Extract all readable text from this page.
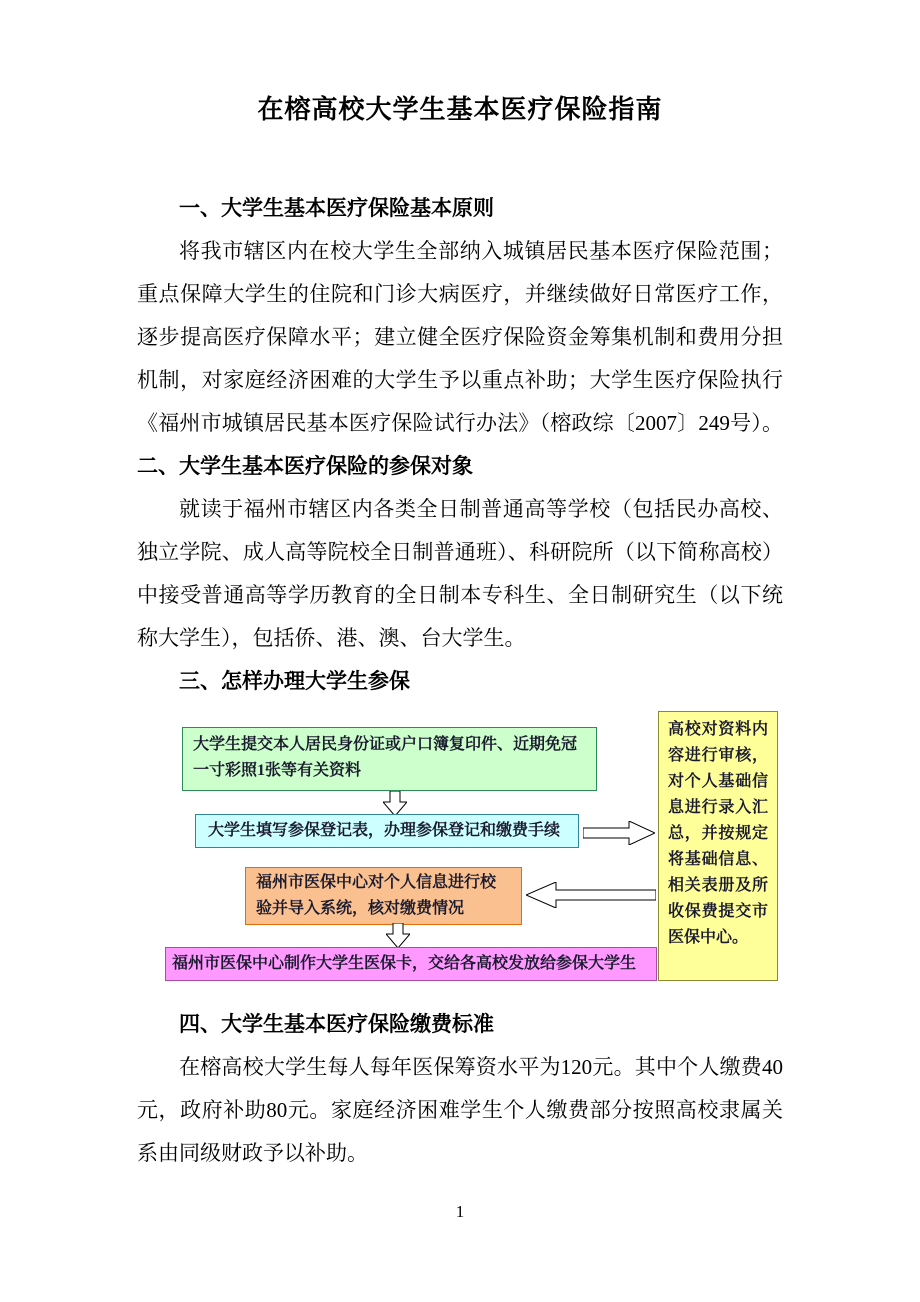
在榕高校大学生基本医疗保险指南

一、大学生基本医疗保险基本原则

将我市辖区内在校大学生全部纳入城镇居民基本医疗保险范围；重点保障大学生的住院和门诊大病医疗，并继续做好日常医疗工作，逐步提高医疗保障水平；建立健全医疗保险资金筹集机制和费用分担机制，对家庭经济困难的大学生予以重点补助；大学生医疗保险执行《福州市城镇居民基本医疗保险试行办法》（榕政综〔2007〕249号）。二、大学生基本医疗保险的参保对象

就读于福州市辖区内各类全日制普通高等学校（包括民办高校、独立学院、成人高等院校全日制普通班）、科研院所（以下简称高校）中接受普通高等学历教育的全日制本专科生、全日制研究生（以下统称大学生），包括侨、港、澳、台大学生。

三、怎样办理大学生参保

大学生提交本人居民身份证或户口簿复印件、近期免冠一寸彩照1张等有关资料
大学生填写参保登记表，办理参保登记和缴费手续
福州市医保中心对个人信息进行校验并导入系统，核对缴费情况
福州市医保中心制作大学生医保卡，交给各高校发放给参保大学生
高校对资料内容进行审核，对个人基础信息进行录入汇总，并按规定将基础信息、相关表册及所收保费提交市医保中心。

四、大学生基本医疗保险缴费标准

在榕高校大学生每人每年医保筹资水平为120元。其中个人缴费40元，政府补助80元。家庭经济困难学生个人缴费部分按照高校隶属关系由同级财政予以补助。

1
